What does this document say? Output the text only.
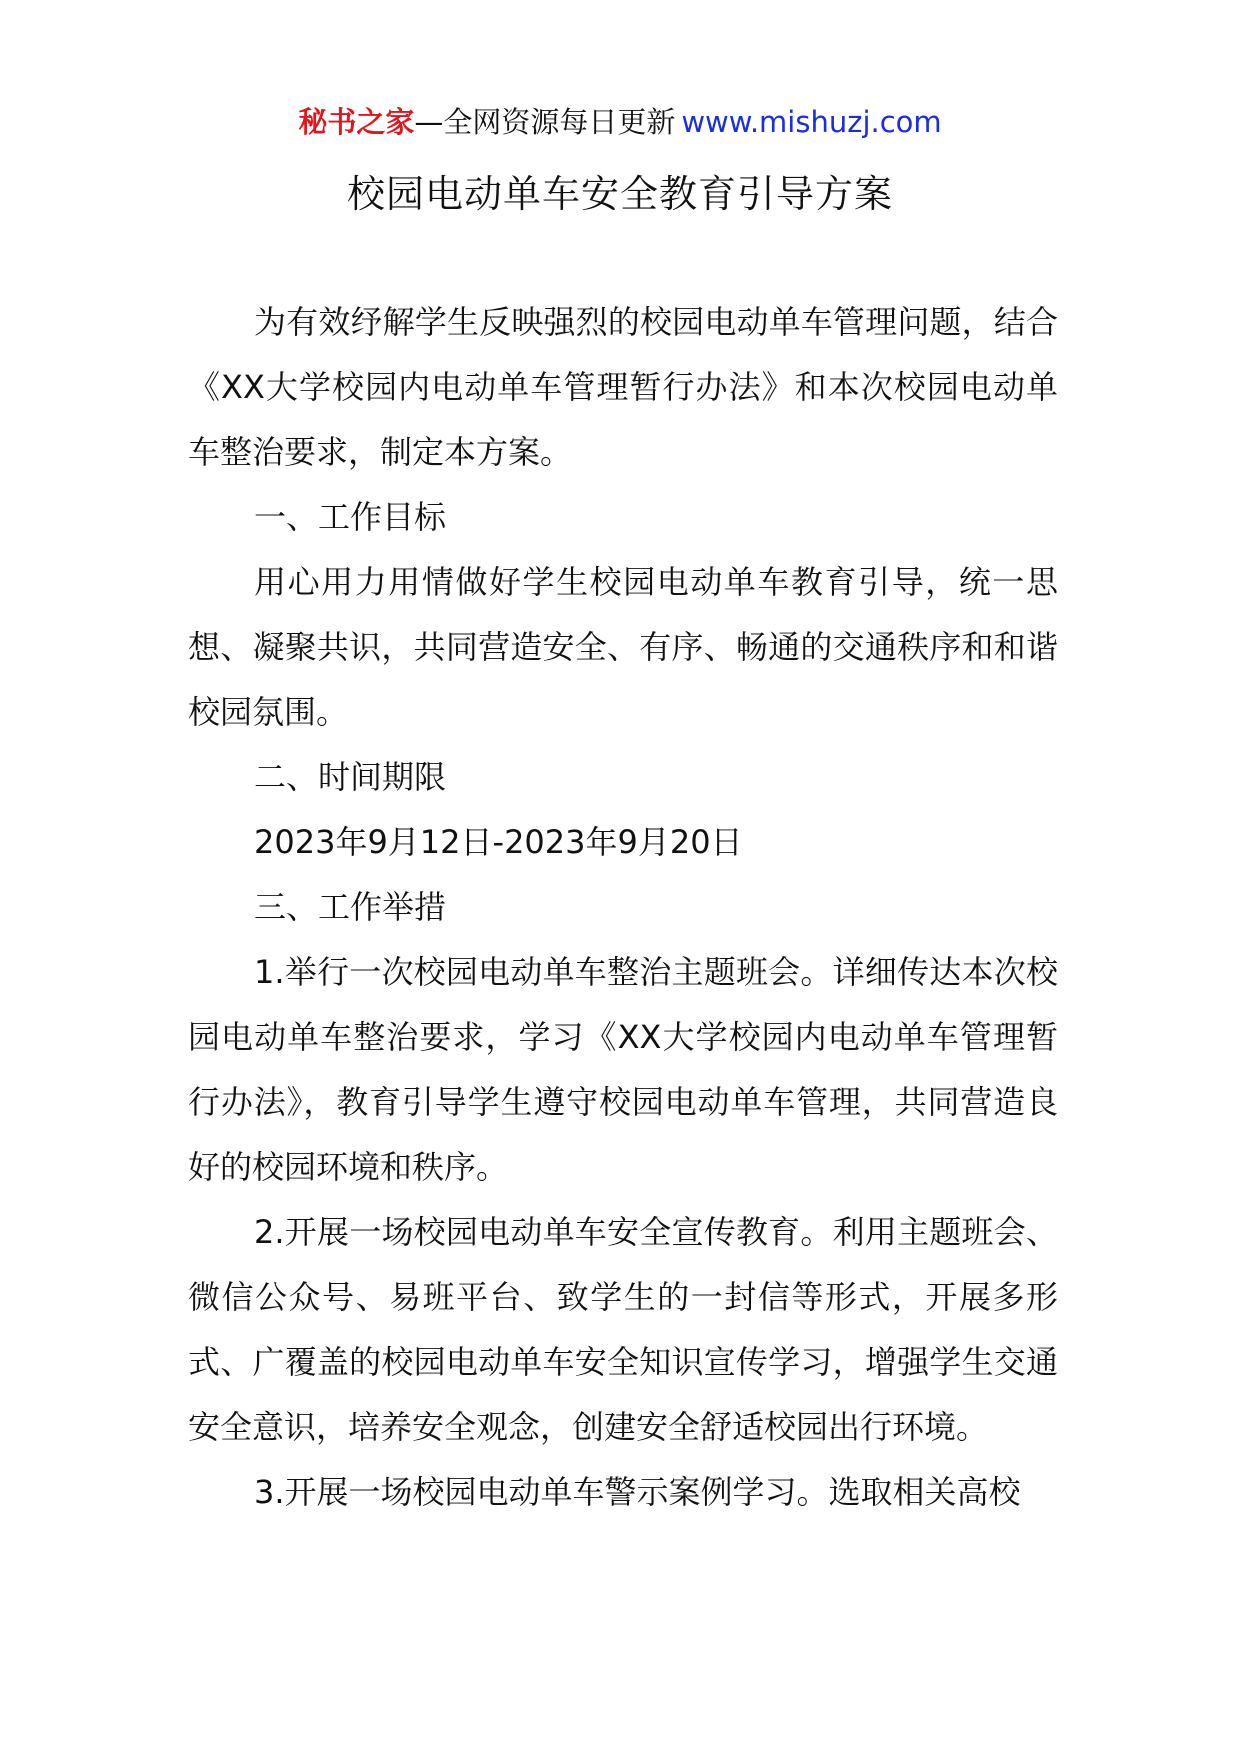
秘书之家—全网资源每日更新 www.mishuzj.com
校园电动单车安全教育引导方案

为有效纾解学生反映强烈的校园电动单车管理问题，结合《XX大学校园内电动单车管理暂行办法》和本次校园电动单车整治要求，制定本方案。

一、工作目标

用心用力用情做好学生校园电动单车教育引导，统一思想、凝聚共识，共同营造安全、有序、畅通的交通秩序和和谐校园氛围。

二、时间期限

2023年9月12日-2023年9月20日

三、工作举措

1.举行一次校园电动单车整治主题班会。详细传达本次校园电动单车整治要求，学习《XX大学校园内电动单车管理暂行办法》，教育引导学生遵守校园电动单车管理，共同营造良好的校园环境和秩序。

2.开展一场校园电动单车安全宣传教育。利用主题班会、微信公众号、易班平台、致学生的一封信等形式，开展多形式、广覆盖的校园电动单车安全知识宣传学习，增强学生交通安全意识，培养安全观念，创建安全舒适校园出行环境。

3.开展一场校园电动单车警示案例学习。选取相关高校
